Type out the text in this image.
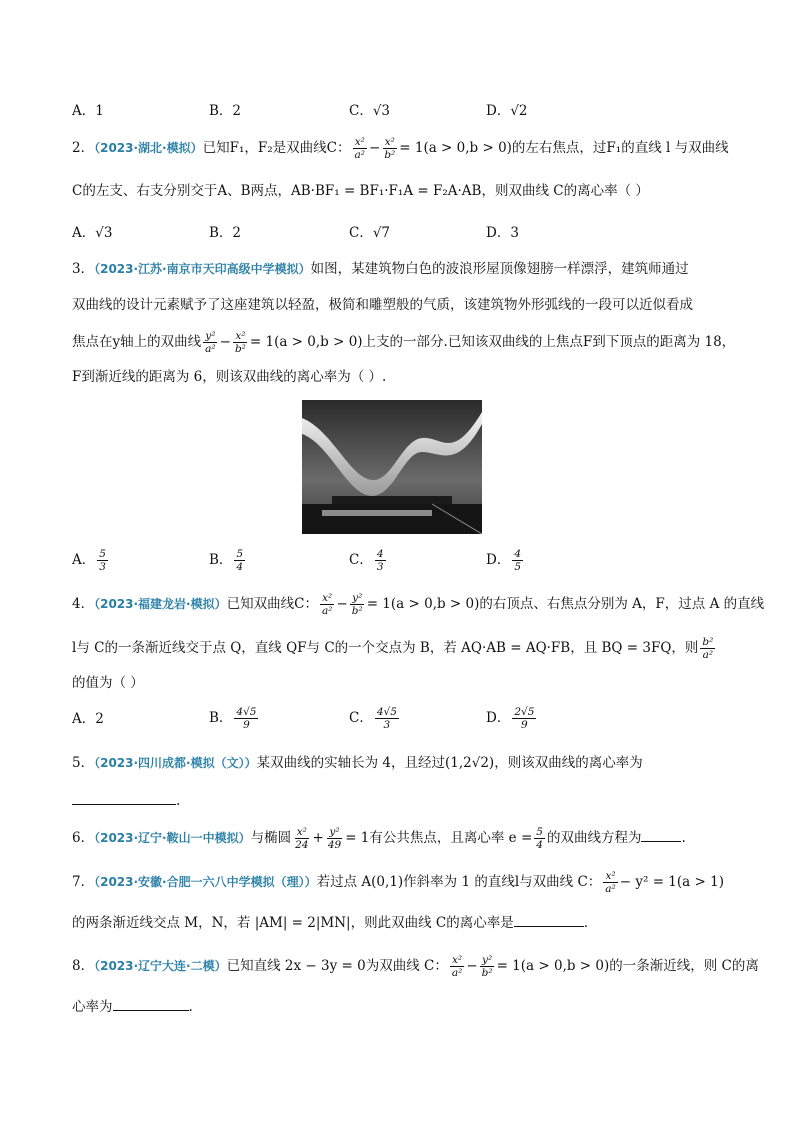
A．1	B．2	C．√3	D．√2
2．（2023·湖北·模拟）已知F₁，F₂是双曲线C： $\frac{\text{x²}}{\text{a²}} - \frac{\text{x²}}{\text{b²}} = 1(a > 0,b > 0)$的左右焦点，过F₁的直线 l 与双曲线
C的左支、右支分别交于A、B两点，AB·BF₁ = BF₁·F₁A = F₂A·AB，则双曲线 C的离心率（ ）
A．√3	B．2	C．√7	D．3
3．（2023·江苏·南京市天印高级中学模拟）如图，某建筑物白色的波浪形屋顶像翅膀一样漂浮，建筑师通过
双曲线的设计元素赋予了这座建筑以轻盈，极简和雕塑般的气质，该建筑物外形弧线的一段可以近似看成
焦点在y轴上的双曲线 $\frac{\text{y²}}{\text{a²}} - \frac{\text{x²}}{\text{b²}} = 1(a > 0,b > 0)$上支的一部分.已知该双曲线的上焦点F到下顶点的距离为 18，
F到渐近线的距离为 6，则该双曲线的离心率为（ ）.
A． $\frac{5}{3}$	B． $\frac{5}{4}$	C． $\frac{4}{3}$	D． $\frac{4}{5}$
4．（2023·福建龙岩·模拟）已知双曲线C： $\frac{\text{x²}}{\text{a²}} - \frac{\text{y²}}{\text{b²}} = 1(a > 0,b > 0)$的右顶点、右焦点分别为 A，F，过点 A 的直线
l与 C的一条渐近线交于点 Q，直线 QF与 C的一个交点为 B，若 AQ·AB = AQ·FB，且 BQ = 3FQ，则 $\frac{\text{b²}}{\text{a²}}$
的值为（ ）
A．2	B． $\frac{4√5}{9}$	C． $\frac{4√5}{3}$	D． $\frac{2√5}{9}$
5．（2023·四川成都·模拟（文））某双曲线的实轴长为 4，且经过(1,2√2)，则该双曲线的离心率为
.
6．（2023·辽宁·鞍山一中模拟）与椭圆 $\frac{\text{x²}}{24} + \frac{\text{y²}}{49} = 1$有公共焦点，且离心率 $e = \frac{5}{4}$ 的双曲线方程为	.
7．（2023·安徽·合肥一六八中学模拟（理））若过点 A(0,1)作斜率为 1 的直线l与双曲线 C： $\frac{\text{x²}}{\text{a²}} - y^2 = 1(a > 1)$
的两条渐近线交点 M，N，若 |AM| = 2|MN|，则此双曲线 C的离心率是	.
8．（2023·辽宁大连·二模）已知直线 2x − 3y = 0为双曲线 C： $\frac{\text{x²}}{\text{a²}} - \frac{\text{y²}}{\text{b²}} = 1(a > 0,b > 0)$的一条渐近线，则 C的离
心率为	.
